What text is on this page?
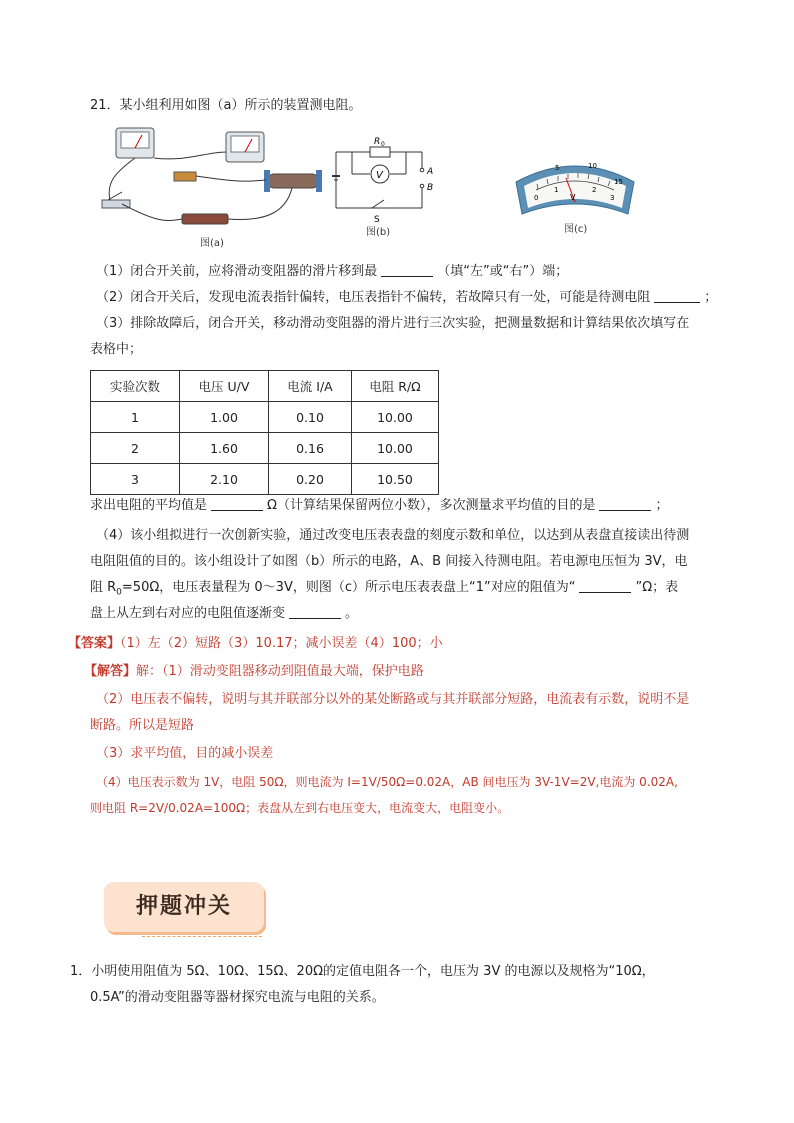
21．某小组利用如图（a）所示的装置测电阻。
图(a)
R 0
V	A
B
S
图(b)
0
1	2
3
5	10
15
V
图(c)
（1）闭合开关前，应将滑动变阻器的滑片移到最	（填“左”或“右”）端；
（2）闭合开关后，发现电流表指针偏转，电压表指针不偏转，若故障只有一处，可能是待测电阻	；
（3）排除故障后，闭合开关，移动滑动变阻器的滑片进行三次实验，把测量数据和计算结果依次填写在
表格中；
实验次数	电压 U/V	电流 I/A	电阻 R/Ω
1	1.00	0.10	10.00
2	1.60	0.16	10.00
3	2.10	0.20	10.50
求出电阻的平均值是	Ω（计算结果保留两位小数），多次测量求平均值的目的是	；
（4）该小组拟进行一次创新实验，通过改变电压表表盘的刻度示数和单位，以达到从表盘直接读出待测
电阻阻值的目的。该小组设计了如图（b）所示的电路，A、B 间接入待测电阻。若电源电压恒为 3V，电
阻 $R_0=50\Omega$，电压表量程为 0～3V，则图（c）所示电压表表盘上“1”对应的阻值为“	”Ω；表
盘上从左到右对应的电阻值逐渐变	。
【答案】（1）左（2）短路（3）10.17；减小误差（4）100；小
【解答】解：（1）滑动变阻器移动到阻值最大端，保护电路
（2）电压表不偏转，说明与其并联部分以外的某处断路或与其并联部分短路，电流表有示数，说明不是
断路。所以是短路
（3）求平均值，目的减小误差
（4）电压表示数为 1V，电阻 50Ω，则电流为 I=1V/50Ω=0.02A，AB 间电压为 3V-1V=2V,电流为 0.02A,
则电阻 R=2V/0.02A=100Ω；表盘从左到右电压变大，电流变大，电阻变小。
押题冲关
1．小明使用阻值为 5Ω、10Ω、15Ω、20Ω的定值电阻各一个，电压为 3V 的电源以及规格为“10Ω，
0.5A”的滑动变阻器等器材探究电流与电阻的关系。
